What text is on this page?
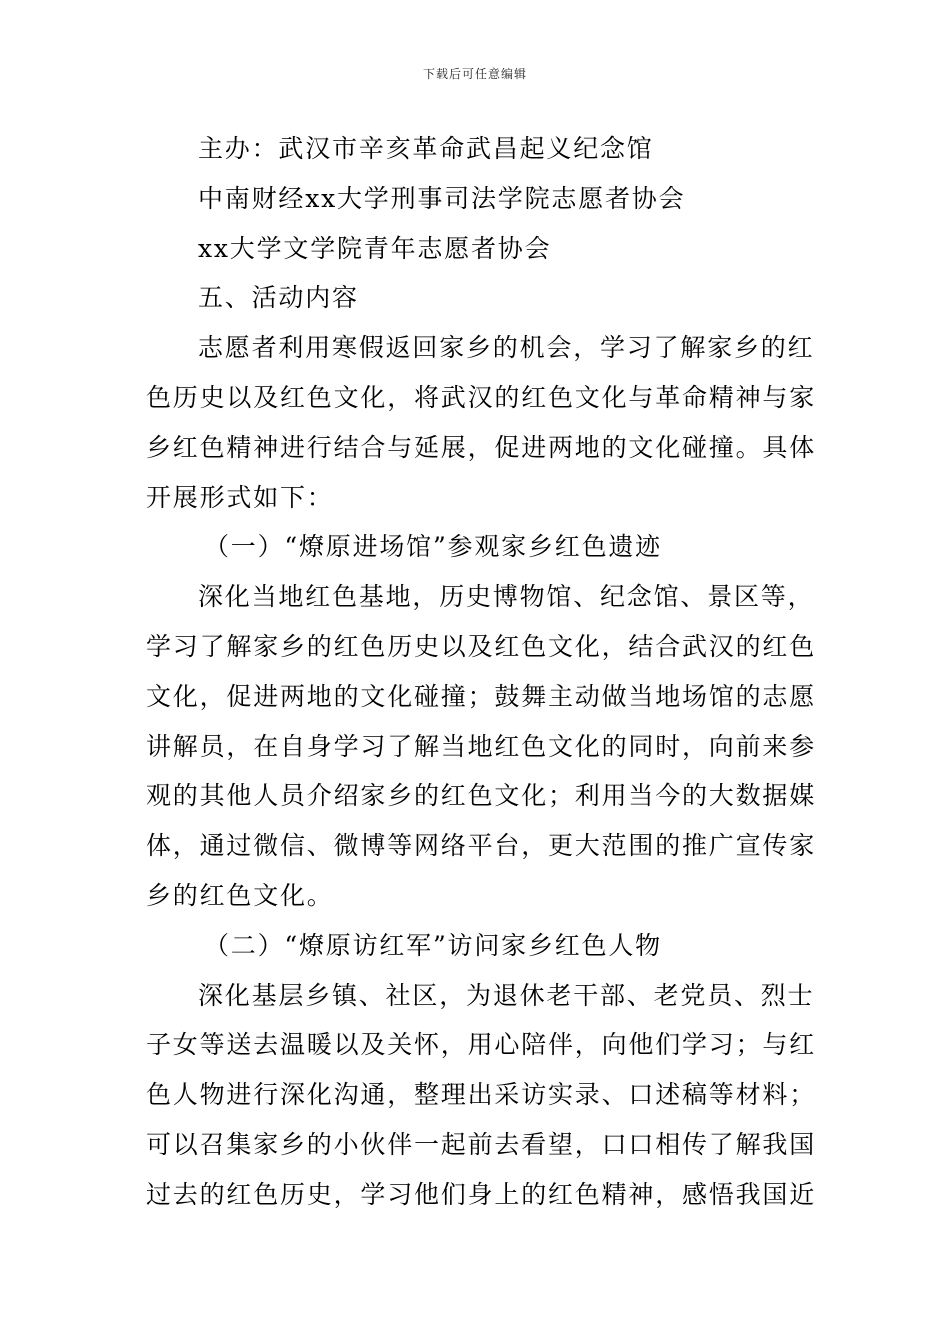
下载后可任意编辑
主办：武汉市辛亥革命武昌起义纪念馆
中南财经xx大学刑事司法学院志愿者协会
xx大学文学院青年志愿者协会
五、活动内容
志愿者利用寒假返回家乡的机会，学习了解家乡的红
色历史以及红色文化，将武汉的红色文化与革命精神与家
乡红色精神进行结合与延展，促进两地的文化碰撞。具体
开展形式如下：
（一）“燎原进场馆”参观家乡红色遗迹
深化当地红色基地，历史博物馆、纪念馆、景区等，
学习了解家乡的红色历史以及红色文化，结合武汉的红色
文化，促进两地的文化碰撞；鼓舞主动做当地场馆的志愿
讲解员，在自身学习了解当地红色文化的同时，向前来参
观的其他人员介绍家乡的红色文化；利用当今的大数据媒
体，通过微信、微博等网络平台，更大范围的推广宣传家
乡的红色文化。
（二）“燎原访红军”访问家乡红色人物
深化基层乡镇、社区，为退休老干部、老党员、烈士
子女等送去温暖以及关怀，用心陪伴，向他们学习；与红
色人物进行深化沟通，整理出采访实录、口述稿等材料；
可以召集家乡的小伙伴一起前去看望，口口相传了解我国
过去的红色历史，学习他们身上的红色精神，感悟我国近
